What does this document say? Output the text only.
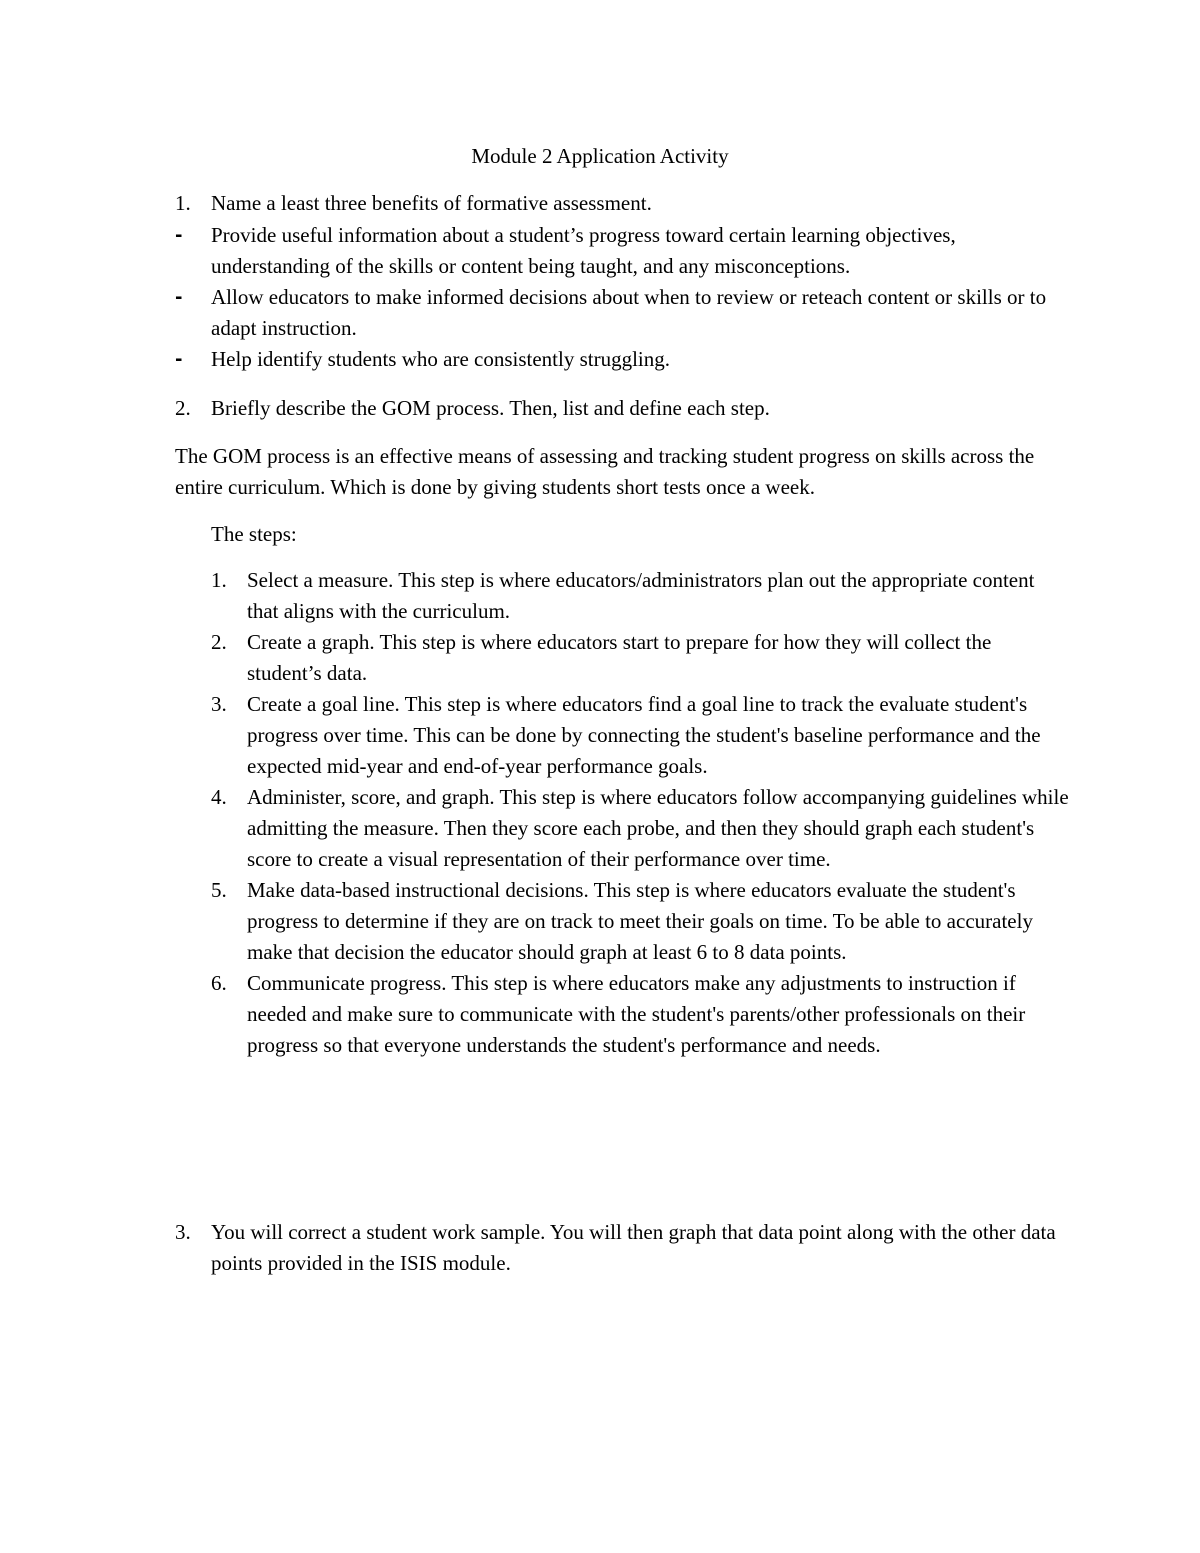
Module 2 Application Activity
1. Name a least three benefits of formative assessment.
- Provide useful information about a student’s progress toward certain learning objectives, understanding of the skills or content being taught, and any misconceptions.
- Allow educators to make informed decisions about when to review or reteach content or skills or to adapt instruction.
- Help identify students who are consistently struggling.
2. Briefly describe the GOM process. Then, list and define each step.
The GOM process is an effective means of assessing and tracking student progress on skills across the entire curriculum. Which is done by giving students short tests once a week.
The steps:
1. Select a measure. This step is where educators/administrators plan out the appropriate content that aligns with the curriculum.
2. Create a graph. This step is where educators start to prepare for how they will collect the student’s data.
3. Create a goal line. This step is where educators find a goal line to track the evaluate student's progress over time. This can be done by connecting the student's baseline performance and the expected mid-year and end-of-year performance goals.
4. Administer, score, and graph. This step is where educators follow accompanying guidelines while admitting the measure. Then they score each probe, and then they should graph each student's score to create a visual representation of their performance over time.
5. Make data-based instructional decisions. This step is where educators evaluate the student's progress to determine if they are on track to meet their goals on time. To be able to accurately make that decision the educator should graph at least 6 to 8 data points.
6. Communicate progress. This step is where educators make any adjustments to instruction if needed and make sure to communicate with the student's parents/other professionals on their progress so that everyone understands the student's performance and needs.
3. You will correct a student work sample. You will then graph that data point along with the other data points provided in the ISIS module.
